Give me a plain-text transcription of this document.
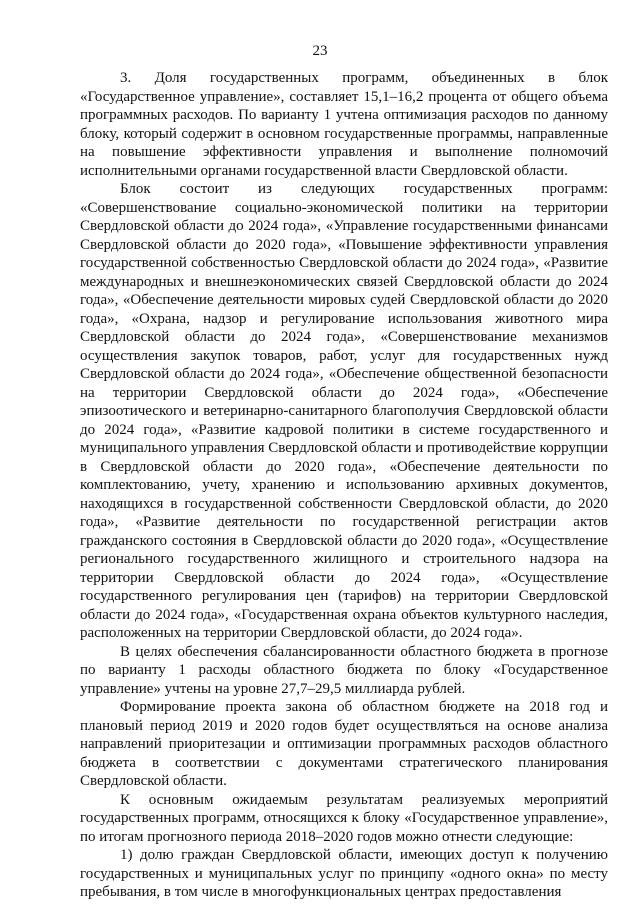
23

3. Доля государственных программ, объединенных в блок «Государственное управление», составляет 15,1–16,2 процента от общего объема программных расходов. По варианту 1 учтена оптимизация расходов по данному блоку, который содержит в основном государственные программы, направленные на повышение эффективности управления и выполнение полномочий исполнительными органами государственной власти Свердловской области.

Блок состоит из следующих государственных программ: «Совершенствование социально-экономической политики на территории Свердловской области до 2024 года», «Управление государственными финансами Свердловской области до 2020 года», «Повышение эффективности управления государственной собственностью Свердловской области до 2024 года», «Развитие международных и внешнеэкономических связей Свердловской области до 2024 года», «Обеспечение деятельности мировых судей Свердловской области до 2020 года», «Охрана, надзор и регулирование использования животного мира Свердловской области до 2024 года», «Совершенствование механизмов осуществления закупок товаров, работ, услуг для государственных нужд Свердловской области до 2024 года», «Обеспечение общественной безопасности на территории Свердловской области до 2024 года», «Обеспечение эпизоотического и ветеринарно-санитарного благополучия Свердловской области до 2024 года», «Развитие кадровой политики в системе государственного и муниципального управления Свердловской области и противодействие коррупции в Свердловской области до 2020 года», «Обеспечение деятельности по комплектованию, учету, хранению и использованию архивных документов, находящихся в государственной собственности Свердловской области, до 2020 года», «Развитие деятельности по государственной регистрации актов гражданского состояния в Свердловской области до 2020 года», «Осуществление регионального государственного жилищного и строительного надзора на территории Свердловской области до 2024 года», «Осуществление государственного регулирования цен (тарифов) на территории Свердловской области до 2024 года», «Государственная охрана объектов культурного наследия, расположенных на территории Свердловской области, до 2024 года».

В целях обеспечения сбалансированности областного бюджета в прогнозе по варианту 1 расходы областного бюджета по блоку «Государственное управление» учтены на уровне 27,7–29,5 миллиарда рублей.

Формирование проекта закона об областном бюджете на 2018 год и плановый период 2019 и 2020 годов будет осуществляться на основе анализа направлений приоритезации и оптимизации программных расходов областного бюджета в соответствии с документами стратегического планирования Свердловской области.

К основным ожидаемым результатам реализуемых мероприятий государственных программ, относящихся к блоку «Государственное управление», по итогам прогнозного периода 2018–2020 годов можно отнести следующие:

1) долю граждан Свердловской области, имеющих доступ к получению государственных и муниципальных услуг по принципу «одного окна» по месту пребывания, в том числе в многофункциональных центрах предоставления
